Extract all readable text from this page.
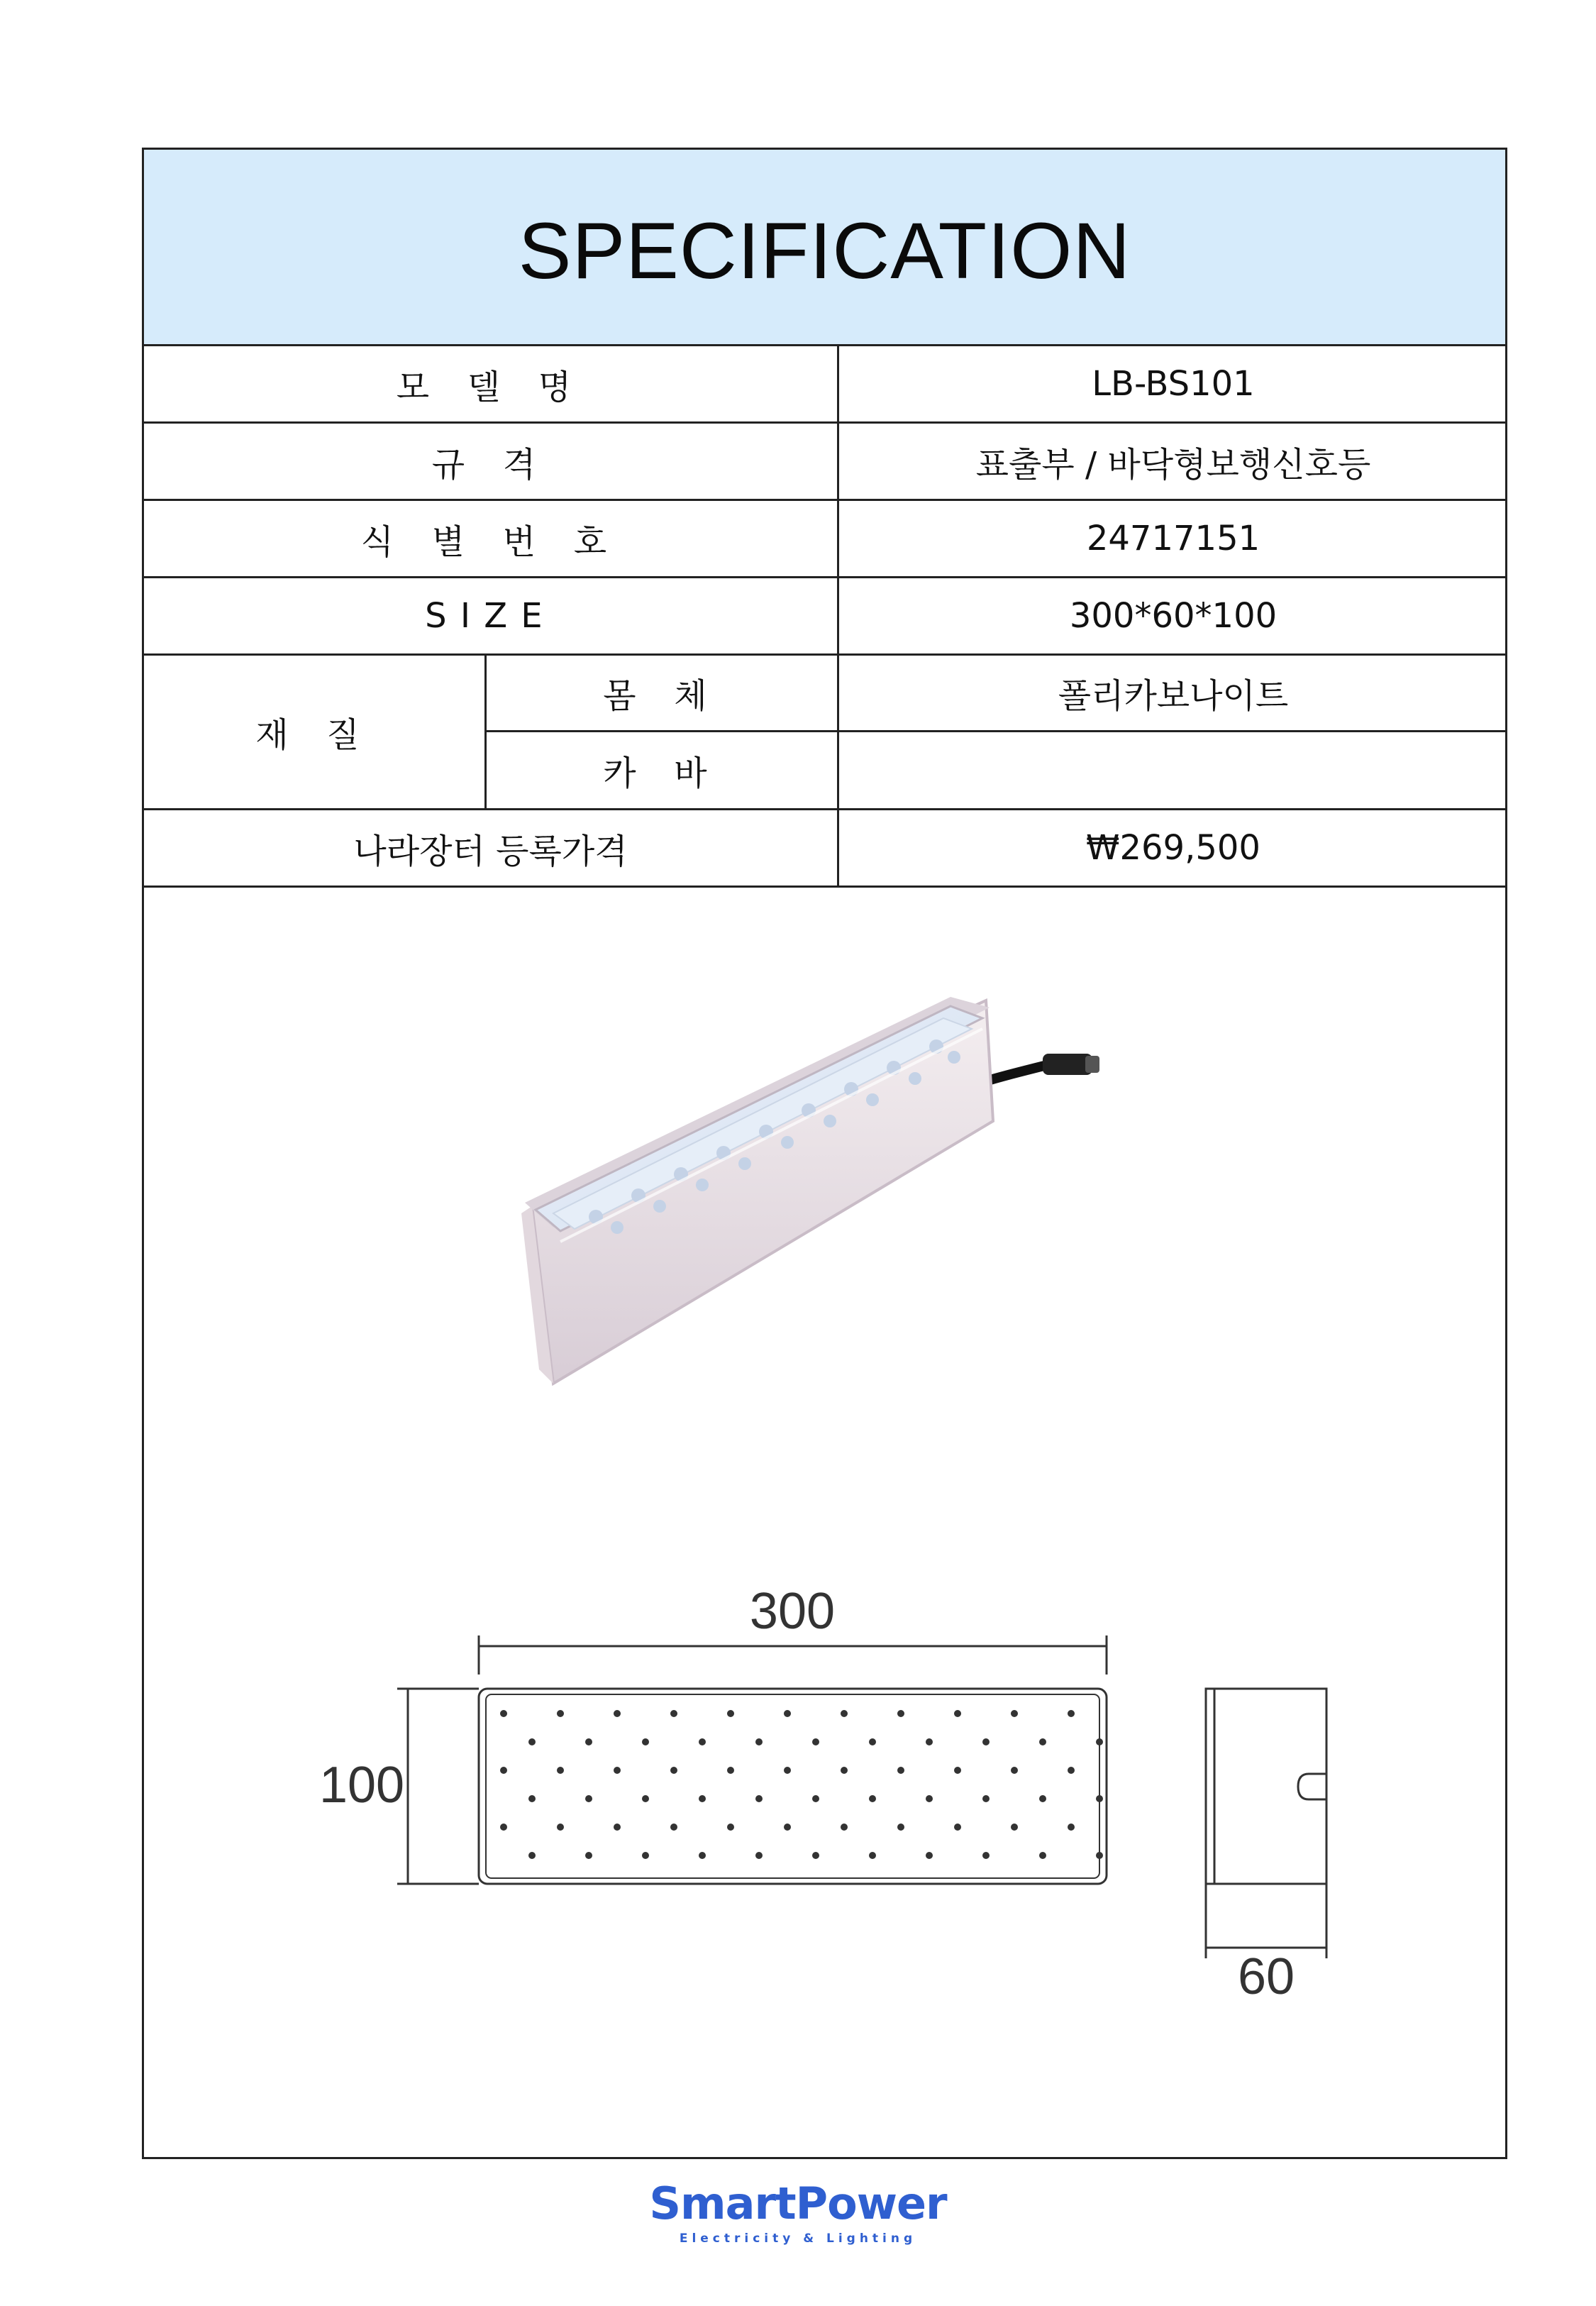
SPECIFICATION
모 델 명	LB-BS101
규 격	표출부 / 바닥형보행신호등
식 별 번 호	24717151
SIZE	300*60*100
재 질
몸 체	폴리카보나이트
카 바
나라장터 등록가격	₩269,500
300
100
60
SmartPower
Electricity & Lighting
